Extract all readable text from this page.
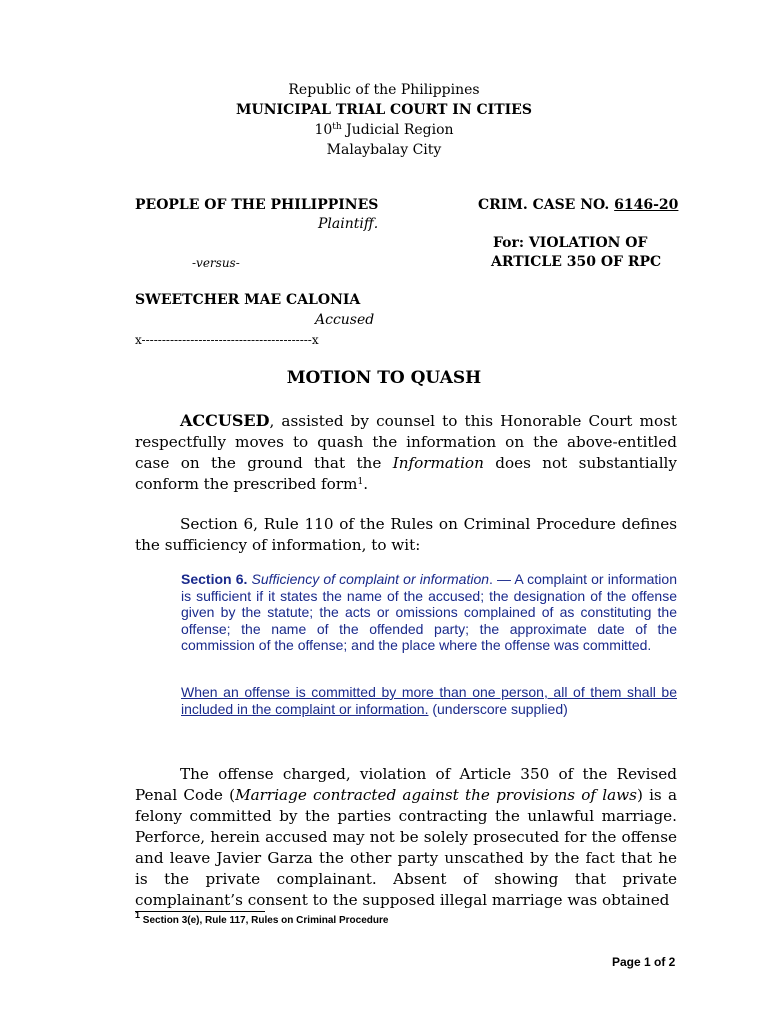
Republic of the Philippines
MUNICIPAL TRIAL COURT IN CITIES
10th Judicial Region
Malaybalay City
PEOPLE OF THE PHILIPPINES
Plaintiff.
-versus-
SWEETCHER MAE CALONIA
Accused
x------------------------------------------x
CRIM. CASE NO. 6146-20
For: VIOLATION OF
ARTICLE 350 OF RPC
MOTION TO QUASH
ACCUSED, assisted by counsel to this Honorable Court most respectfully moves to quash the information on the above-entitled case on the ground that the Information does not substantially conform the prescribed form$^1$.
Section 6, Rule 110 of the Rules on Criminal Procedure defines the sufficiency of information, to wit:
Section 6. Sufficiency of complaint or information. — A complaint or information is sufficient if it states the name of the accused; the designation of the offense given by the statute; the acts or omissions complained of as constituting the offense; the name of the offended party; the approximate date of the commission of the offense; and the place where the offense was committed.
When an offense is committed by more than one person, all of them shall be included in the complaint or information. (underscore supplied)
The offense charged, violation of Article 350 of the Revised Penal Code (Marriage contracted against the provisions of laws) is a felony committed by the parties contracting the unlawful marriage. Perforce, herein accused may not be solely prosecuted for the offense and leave Javier Garza the other party unscathed by the fact that he is the private complainant. Absent of showing that private complainant’s consent to the supposed illegal marriage was obtained
$^1$ Section 3(e), Rule 117, Rules on Criminal Procedure
Page 1 of 2
